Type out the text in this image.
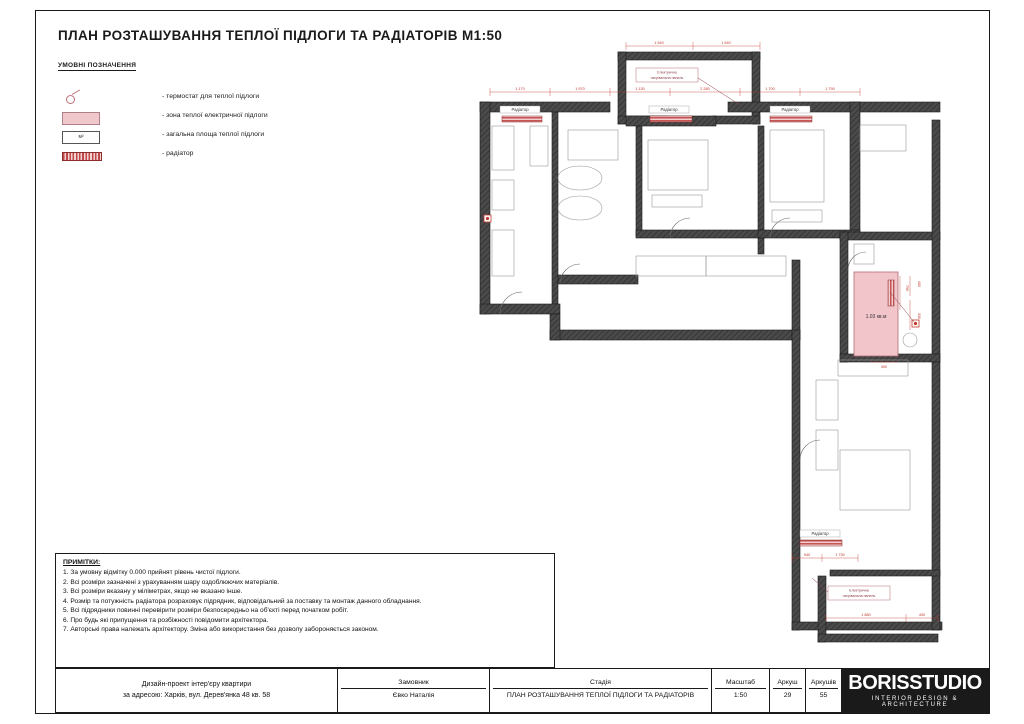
ПЛАН РОЗТАШУВАННЯ ТЕПЛОЇ ПІДЛОГИ ТА РАДІАТОРІВ М1:50
УМОВНІ ПОЗНАЧЕННЯ
- термостат для теплої підлоги
- зона теплої електричної підлоги
м²	- загальна площа теплої підлоги
- радіатор
1.03 кв.м
Радіатор	Радіатор	Радіатор
Радіатор
Електрична
нагрівальна панель
Електрична
нагрівальна панель
1 540	1 540
1 170	1 970	1 130	2 280	1 700	1 790
790
400
330
400
940	1 730
1 880	400
ПРИМІТКИ:
1. За умовну відмітку 0.000 прийнят рівень чистої підлоги.
2. Всі розміри зазначені з урахуванням шару оздоблюючих матеріалів.
3. Всі розміри вказану у міліметрах, якщо не вказано інше.
4. Розмір та потужність радіатора розраховує підрядник, відповідальний за поставку та монтаж данного обладнання.
5. Всі підрядники повинні перевірити розміри безпосередньо на об'єкті перед початком робіт.
6. Про будь які припущення та розбіжності повідомити архітектора.
7. Авторські права належать архітектору. Зміна або використання без дозволу забороняється законом.
Дизайн-проект інтер'єру квартири
за адресою: Харків, вул. Дерев'янка 48 кв. 58
Замовник
Євко Наталія
Стадія
ПЛАН РОЗТАШУВАННЯ ТЕПЛОЇ ПІДЛОГИ ТА РАДІАТОРІВ
Масштаб
1:50
Аркуш
29
Аркушів
55
BORISSTUDIO
INTERIOR DESIGN & ARCHITECTURE
